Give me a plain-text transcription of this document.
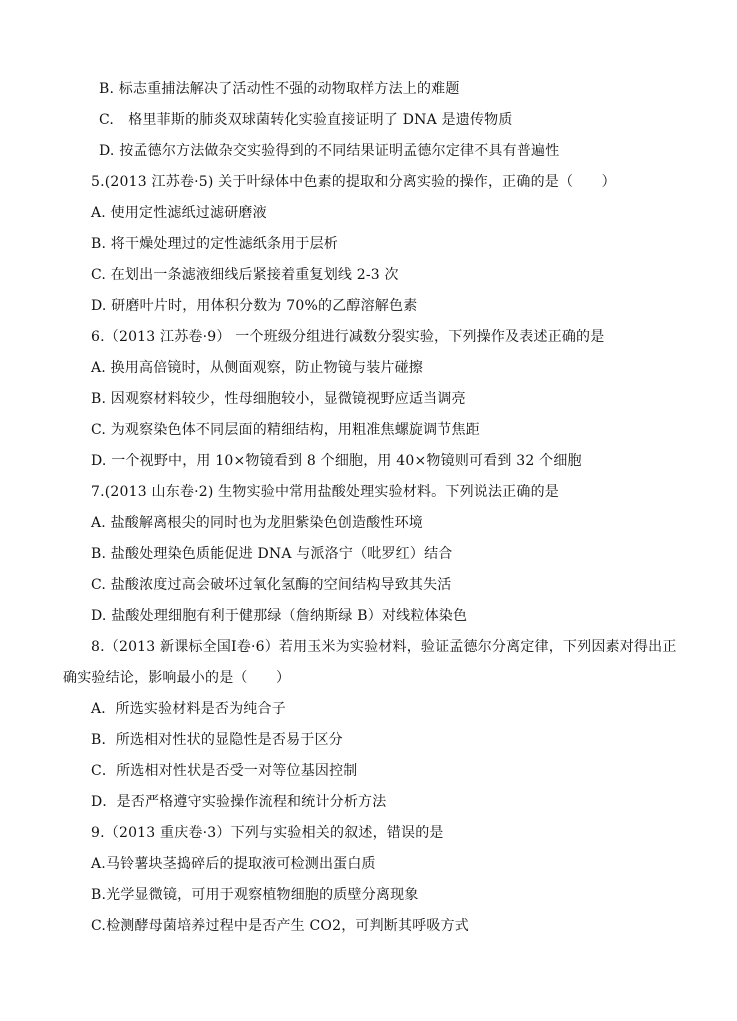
B. 标志重捕法解决了活动性不强的动物取样方法上的难题
C.　格里菲斯的肺炎双球菌转化实验直接证明了 DNA 是遗传物质
D. 按孟德尔方法做杂交实验得到的不同结果证明孟德尔定律不具有普遍性
5.(2013 江苏卷·5) 关于叶绿体中色素的提取和分离实验的操作，正确的是（　　）
A. 使用定性滤纸过滤研磨液
B. 将干燥处理过的定性滤纸条用于层析
C. 在划出一条滤液细线后紧接着重复划线 2-3 次
D. 研磨叶片时，用体积分数为 70%的乙醇溶解色素
6.（2013 江苏卷·9） 一个班级分组进行减数分裂实验，下列操作及表述正确的是
A. 换用高倍镜时，从侧面观察，防止物镜与装片碰擦
B. 因观察材料较少，性母细胞较小，显微镜视野应适当调亮
C. 为观察染色体不同层面的精细结构，用粗准焦螺旋调节焦距
D. 一个视野中，用 10×物镜看到 8 个细胞，用 40×物镜则可看到 32 个细胞
7.(2013 山东卷·2) 生物实验中常用盐酸处理实验材料。下列说法正确的是
A. 盐酸解离根尖的同时也为龙胆紫染色创造酸性环境
B. 盐酸处理染色质能促进 DNA 与派洛宁（吡罗红）结合
C. 盐酸浓度过高会破坏过氧化氢酶的空间结构导致其失活
D. 盐酸处理细胞有利于健那绿（詹纳斯绿 B）对线粒体染色
8.（2013 新课标全国Ⅰ卷·6）若用玉米为实验材料，验证孟德尔分离定律，下列因素对得出正
确实验结论，影响最小的是（　　）
A．所选实验材料是否为纯合子
B．所选相对性状的显隐性是否易于区分
C．所选相对性状是否受一对等位基因控制
D．是否严格遵守实验操作流程和统计分析方法
9.（2013 重庆卷·3）下列与实验相关的叙述，错误的是
A.马铃薯块茎捣碎后的提取液可检测出蛋白质
B.光学显微镜，可用于观察植物细胞的质壁分离现象
C.检测酵母菌培养过程中是否产生 CO2，可判断其呼吸方式
